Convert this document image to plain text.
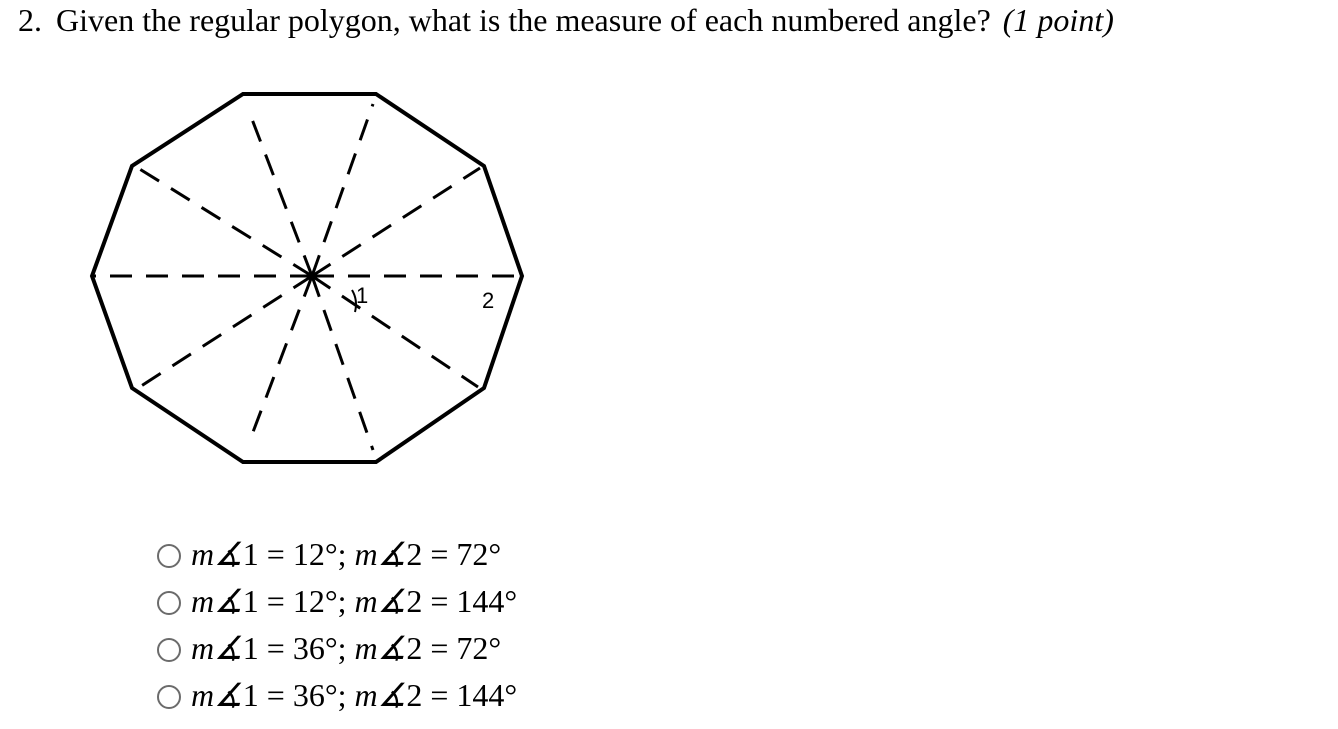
2. Given the regular polygon, what is the measure of each numbered angle? (1 point)
1	2
m∡1 = 12°; m∡2 = 72°
m∡1 = 12°; m∡2 = 144°
m∡1 = 36°; m∡2 = 72°
m∡1 = 36°; m∡2 = 144°
